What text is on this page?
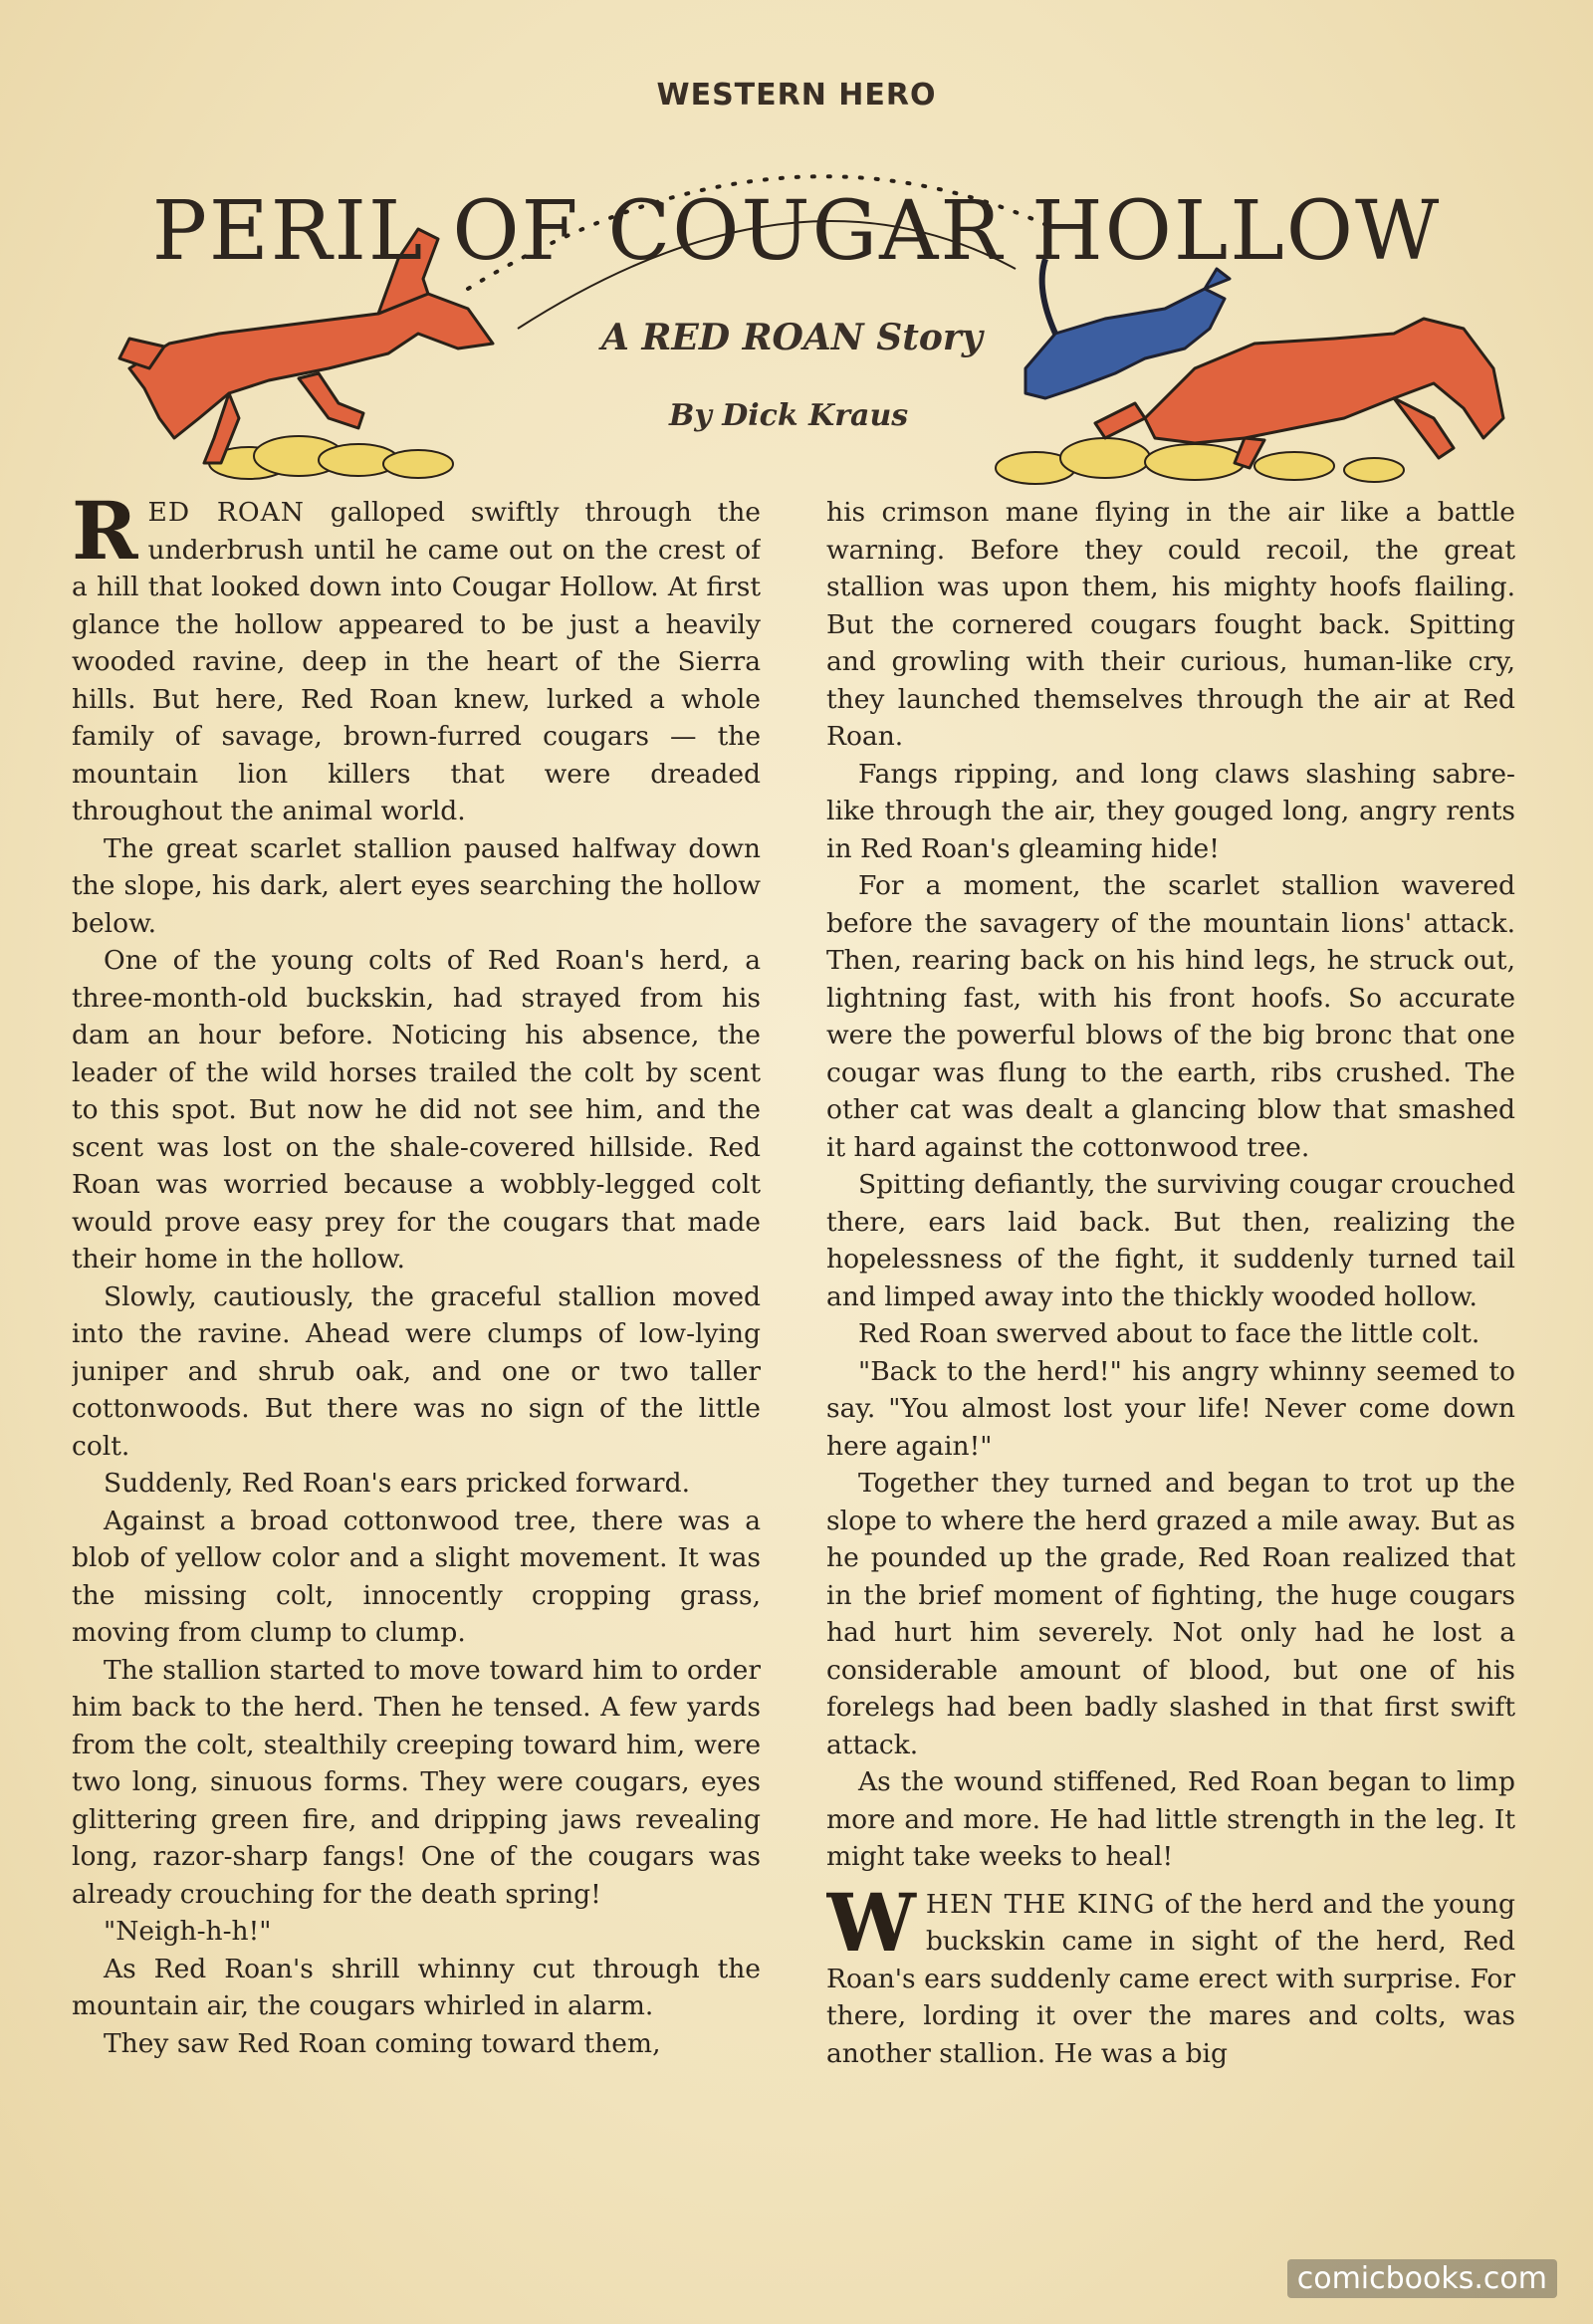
WESTERN HERO
PERIL OF COUGAR HOLLOW
A RED ROAN Story
By Dick Kraus

RED ROAN galloped swiftly through the underbrush until he came out on the crest of a hill that looked down into Cougar Hollow. At first glance the hollow appeared to be just a heavily wooded ravine, deep in the heart of the Sierra hills. But here, Red Roan knew, lurked a whole family of savage, brown-furred cougars — the mountain lion killers that were dreaded throughout the animal world.

The great scarlet stallion paused halfway down the slope, his dark, alert eyes searching the hollow below.

One of the young colts of Red Roan's herd, a three-month-old buckskin, had strayed from his dam an hour before. Noticing his absence, the leader of the wild horses trailed the colt by scent to this spot. But now he did not see him, and the scent was lost on the shale-covered hillside. Red Roan was worried because a wobbly-legged colt would prove easy prey for the cougars that made their home in the hollow.

Slowly, cautiously, the graceful stallion moved into the ravine. Ahead were clumps of low-lying juniper and shrub oak, and one or two taller cottonwoods. But there was no sign of the little colt.

Suddenly, Red Roan's ears pricked forward.

Against a broad cottonwood tree, there was a blob of yellow color and a slight movement. It was the missing colt, innocently cropping grass, moving from clump to clump.

The stallion started to move toward him to order him back to the herd. Then he tensed. A few yards from the colt, stealthily creeping toward him, were two long, sinuous forms. They were cougars, eyes glittering green fire, and dripping jaws revealing long, razor-sharp fangs! One of the cougars was already crouching for the death spring!

"Neigh-h-h!"

As Red Roan's shrill whinny cut through the mountain air, the cougars whirled in alarm.

They saw Red Roan coming toward them,

his crimson mane flying in the air like a battle warning. Before they could recoil, the great stallion was upon them, his mighty hoofs flailing. But the cornered cougars fought back. Spitting and growling with their curious, human-like cry, they launched themselves through the air at Red Roan.

Fangs ripping, and long claws slashing sabre-like through the air, they gouged long, angry rents in Red Roan's gleaming hide!

For a moment, the scarlet stallion wavered before the savagery of the mountain lions' attack. Then, rearing back on his hind legs, he struck out, lightning fast, with his front hoofs. So accurate were the powerful blows of the big bronc that one cougar was flung to the earth, ribs crushed. The other cat was dealt a glancing blow that smashed it hard against the cottonwood tree.

Spitting defiantly, the surviving cougar crouched there, ears laid back. But then, realizing the hopelessness of the fight, it suddenly turned tail and limped away into the thickly wooded hollow.

Red Roan swerved about to face the little colt.

"Back to the herd!" his angry whinny seemed to say. "You almost lost your life! Never come down here again!"

Together they turned and began to trot up the slope to where the herd grazed a mile away. But as he pounded up the grade, Red Roan realized that in the brief moment of fighting, the huge cougars had hurt him severely. Not only had he lost a considerable amount of blood, but one of his forelegs had been badly slashed in that first swift attack.

As the wound stiffened, Red Roan began to limp more and more. He had little strength in the leg. It might take weeks to heal!

WHEN THE KING of the herd and the young buckskin came in sight of the herd, Red Roan's ears suddenly came erect with surprise. For there, lording it over the mares and colts, was another stallion. He was a big

comicbooks.com
